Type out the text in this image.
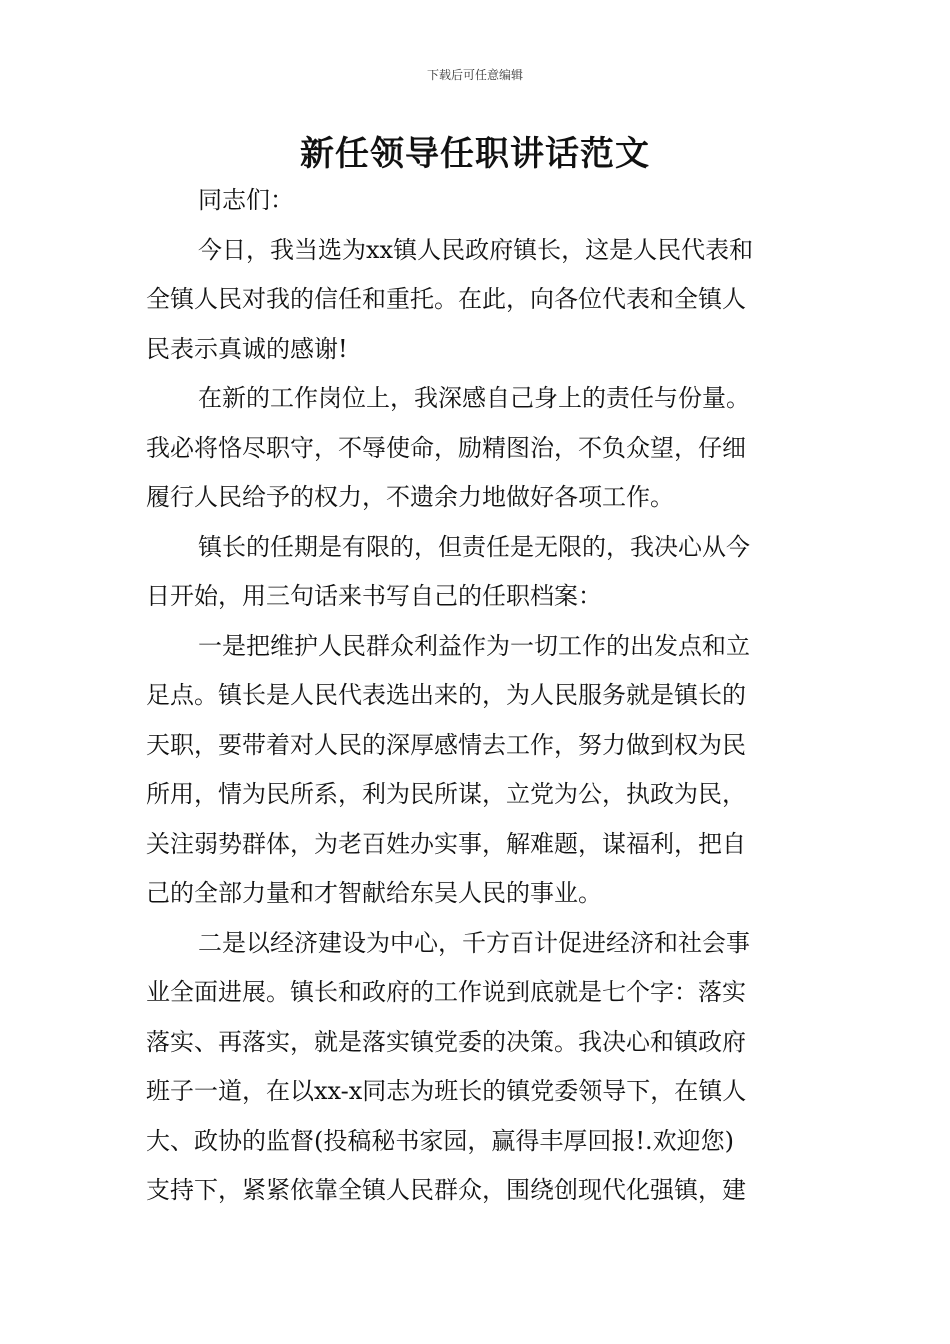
下载后可任意编辑
新任领导任职讲话范文

同志们：

今日，我当选为xx镇人民政府镇长，这是人民代表和
全镇人民对我的信任和重托。在此，向各位代表和全镇人
民表示真诚的感谢!

在新的工作岗位上，我深感自己身上的责任与份量。
我必将恪尽职守，不辱使命，励精图治，不负众望，仔细
履行人民给予的权力，不遗余力地做好各项工作。

镇长的任期是有限的，但责任是无限的，我决心从今
日开始，用三句话来书写自己的任职档案：

一是把维护人民群众利益作为一切工作的出发点和立
足点。镇长是人民代表选出来的，为人民服务就是镇长的
天职，要带着对人民的深厚感情去工作，努力做到权为民
所用，情为民所系，利为民所谋，立党为公，执政为民，
关注弱势群体，为老百姓办实事，解难题，谋福利，把自
己的全部力量和才智献给东吴人民的事业。

二是以经济建设为中心，千方百计促进经济和社会事
业全面进展。镇长和政府的工作说到底就是七个字：落实
落实、再落实，就是落实镇党委的决策。我决心和镇政府
班子一道，在以xx-x同志为班长的镇党委领导下，在镇人
大、政协的监督(投稿秘书家园，赢得丰厚回报!.欢迎您)
支持下，紧紧依靠全镇人民群众，围绕创现代化强镇，建
